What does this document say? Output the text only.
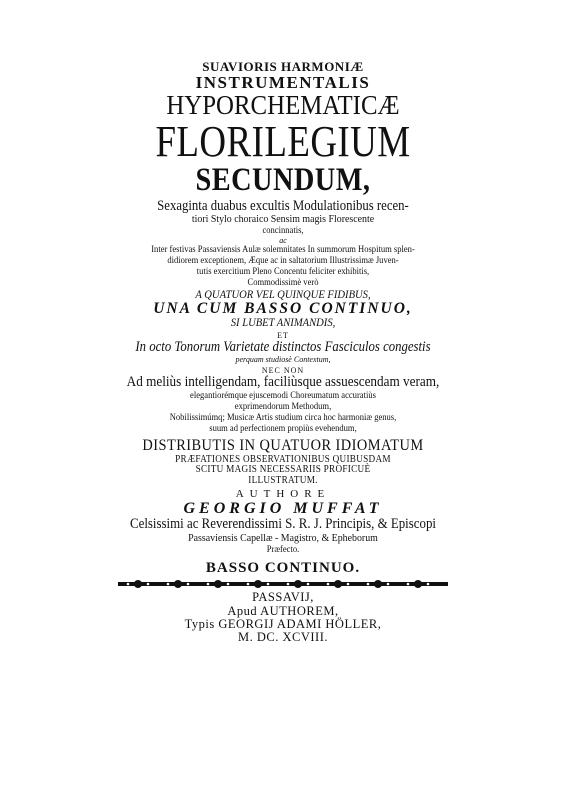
SUAVIORIS HARMONIÆ
INSTRUMENTALIS
HYPORCHEMATICÆ
FLORILEGIUM
SECUNDUM,
Sexaginta duabus excultis Modulationibus recen-
tiori Stylo choraico Sensim magis Florescente
concinnatis,
ac
Inter festivas Passaviensis Aulæ solemnitates In summorum Hospitum splen-
didiorem exceptionem, Æque ac in saltatorium Illustrissimæ Juven-
tutis exercitium Pleno Concentu feliciter exhibitis,
Commodissimè verò
A QUATUOR VEL QUINQUE FIDIBUS,
UNA CUM BASSO CONTINUO,
SI LUBET ANIMANDIS,
ET
In octo Tonorum Varietate distinctos Fasciculos congestis
perquam studiosè Contextum,
NEC NON
Ad meliùs intelligendam, faciliùsque assuescendam veram,
elegantiorémque ejuscemodi Choreumatum accuratiùs
exprimendorum Methodum,
Nobilissimúmq; Musicæ Artis studium circa hoc harmoniæ genus,
suum ad perfectionem propiùs evehendum,
DISTRIBUTIS IN QUATUOR IDIOMATUM
PRÆFATIONES OBSERVATIONIBUS QUIBUSDAM
SCITU MAGIS NECESSARIIS PROFICUÈ
ILLUSTRATUM.
AUTHORE
GEORGIO MUFFAT
Celsissimi ac Reverendissimi S. R. J. Principis, & Episcopi
Passaviensis Capellæ - Magistro, & Epheborum
Præfecto.
BASSO CONTINUO.
PASSAVIJ,
Apud AUTHOREM,
Typis GEORGIJ ADAMI HÖLLER,
M. DC. XCVIII.
